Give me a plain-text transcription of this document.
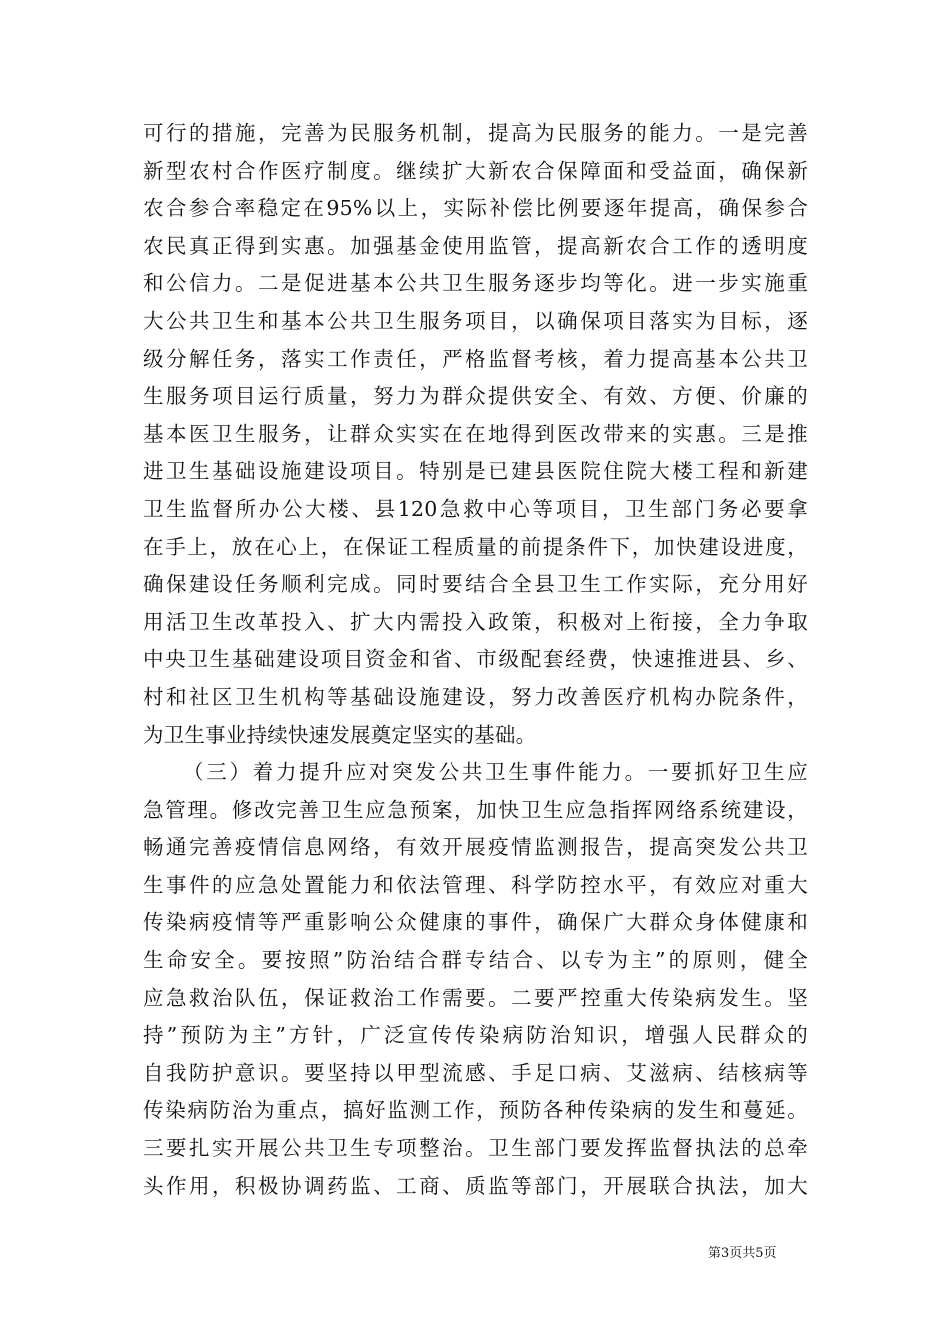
可行的措施，完善为民服务机制，提高为民服务的能力。一是完善
新型农村合作医疗制度。继续扩大新农合保障面和受益面，确保新
农合参合率稳定在95%以上，实际补偿比例要逐年提高，确保参合
农民真正得到实惠。加强基金使用监管，提高新农合工作的透明度
和公信力。二是促进基本公共卫生服务逐步均等化。进一步实施重
大公共卫生和基本公共卫生服务项目，以确保项目落实为目标，逐
级分解任务，落实工作责任，严格监督考核，着力提高基本公共卫
生服务项目运行质量，努力为群众提供安全、有效、方便、价廉的
基本医卫生服务，让群众实实在在地得到医改带来的实惠。三是推
进卫生基础设施建设项目。特别是已建县医院住院大楼工程和新建
卫生监督所办公大楼、县120急救中心等项目，卫生部门务必要拿
在手上，放在心上，在保证工程质量的前提条件下，加快建设进度，
确保建设任务顺利完成。同时要结合全县卫生工作实际，充分用好
用活卫生改革投入、扩大内需投入政策，积极对上衔接，全力争取
中央卫生基础建设项目资金和省、市级配套经费，快速推进县、乡、
村和社区卫生机构等基础设施建设，努力改善医疗机构办院条件，
为卫生事业持续快速发展奠定坚实的基础。
（三）着力提升应对突发公共卫生事件能力。一要抓好卫生应
急管理。修改完善卫生应急预案，加快卫生应急指挥网络系统建设，
畅通完善疫情信息网络，有效开展疫情监测报告，提高突发公共卫
生事件的应急处置能力和依法管理、科学防控水平，有效应对重大
传染病疫情等严重影响公众健康的事件，确保广大群众身体健康和
生命安全。要按照”防治结合群专结合、以专为主”的原则，健全
应急救治队伍，保证救治工作需要。二要严控重大传染病发生。坚
持”预防为主”方针，广泛宣传传染病防治知识，增强人民群众的
自我防护意识。要坚持以甲型流感、手足口病、艾滋病、结核病等
传染病防治为重点，搞好监测工作，预防各种传染病的发生和蔓延。
三要扎实开展公共卫生专项整治。卫生部门要发挥监督执法的总牵
头作用，积极协调药监、工商、质监等部门，开展联合执法，加大
第3页共5页
